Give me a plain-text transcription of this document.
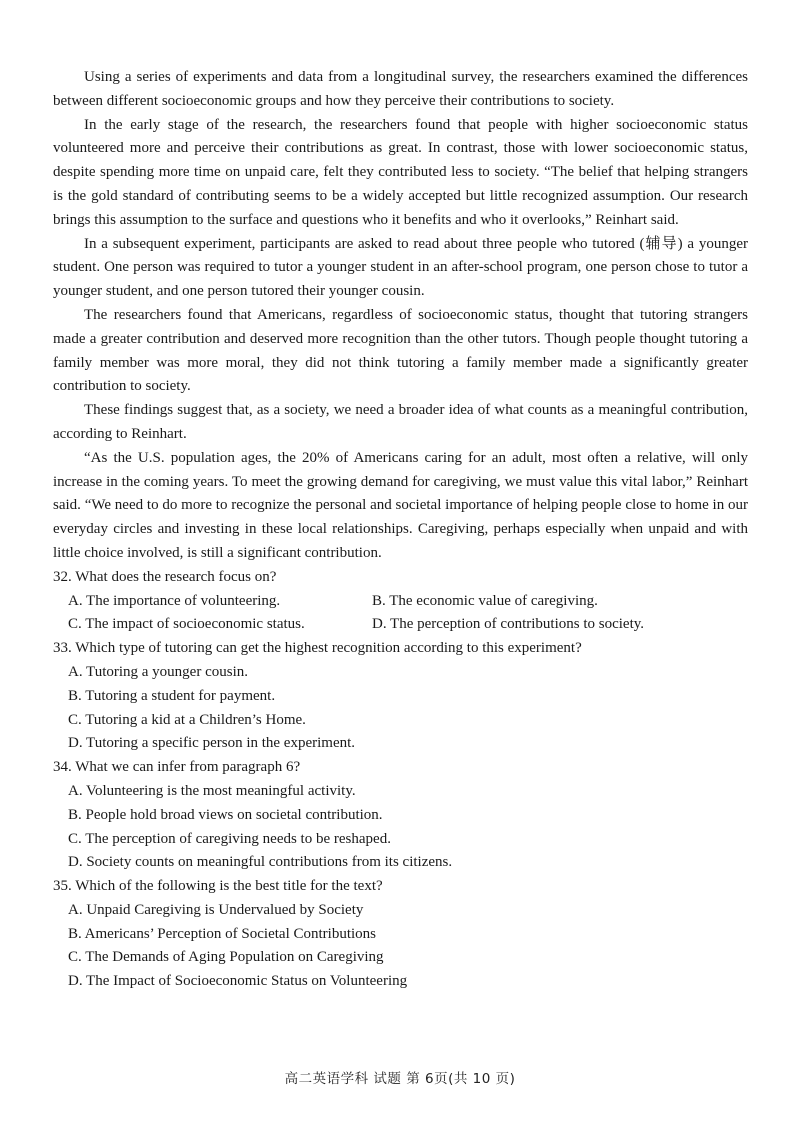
Using a series of experiments and data from a longitudinal survey, the researchers examined the differences between different socioeconomic groups and how they perceive their contributions to society.

In the early stage of the research, the researchers found that people with higher socioeconomic status volunteered more and perceive their contributions as great. In contrast, those with lower socioeconomic status, despite spending more time on unpaid care, felt they contributed less to society. “The belief that helping strangers is the gold standard of contributing seems to be a widely accepted but little recognized assumption. Our research brings this assumption to the surface and questions who it benefits and who it overlooks,” Reinhart said.

In a subsequent experiment, participants are asked to read about three people who tutored (辅导) a younger student. One person was required to tutor a younger student in an after-school program, one person chose to tutor a younger student, and one person tutored their younger cousin.

The researchers found that Americans, regardless of socioeconomic status, thought that tutoring strangers made a greater contribution and deserved more recognition than the other tutors. Though people thought tutoring a family member was more moral, they did not think tutoring a family member made a significantly greater contribution to society.

These findings suggest that, as a society, we need a broader idea of what counts as a meaningful contribution, according to Reinhart.

“As the U.S. population ages, the 20% of Americans caring for an adult, most often a relative, will only increase in the coming years. To meet the growing demand for caregiving, we must value this vital labor,” Reinhart said. “We need to do more to recognize the personal and societal importance of helping people close to home in our everyday circles and investing in these local relationships. Caregiving, perhaps especially when unpaid and with little choice involved, is still a significant contribution.

32. What does the research focus on?
A. The importance of volunteering.	B. The economic value of caregiving.
C. The impact of socioeconomic status.	D. The perception of contributions to society.
33. Which type of tutoring can get the highest recognition according to this experiment?
A. Tutoring a younger cousin.
B. Tutoring a student for payment.
C. Tutoring a kid at a Children’s Home.
D. Tutoring a specific person in the experiment.
34. What we can infer from paragraph 6?
A. Volunteering is the most meaningful activity.
B. People hold broad views on societal contribution.
C. The perception of caregiving needs to be reshaped.
D. Society counts on meaningful contributions from its citizens.
35. Which of the following is the best title for the text?
A. Unpaid Caregiving is Undervalued by Society
B. Americans’ Perception of Societal Contributions
C. The Demands of Aging Population on Caregiving
D. The Impact of Socioeconomic Status on Volunteering
高二英语学科 试题 第 6页(共 10 页)
